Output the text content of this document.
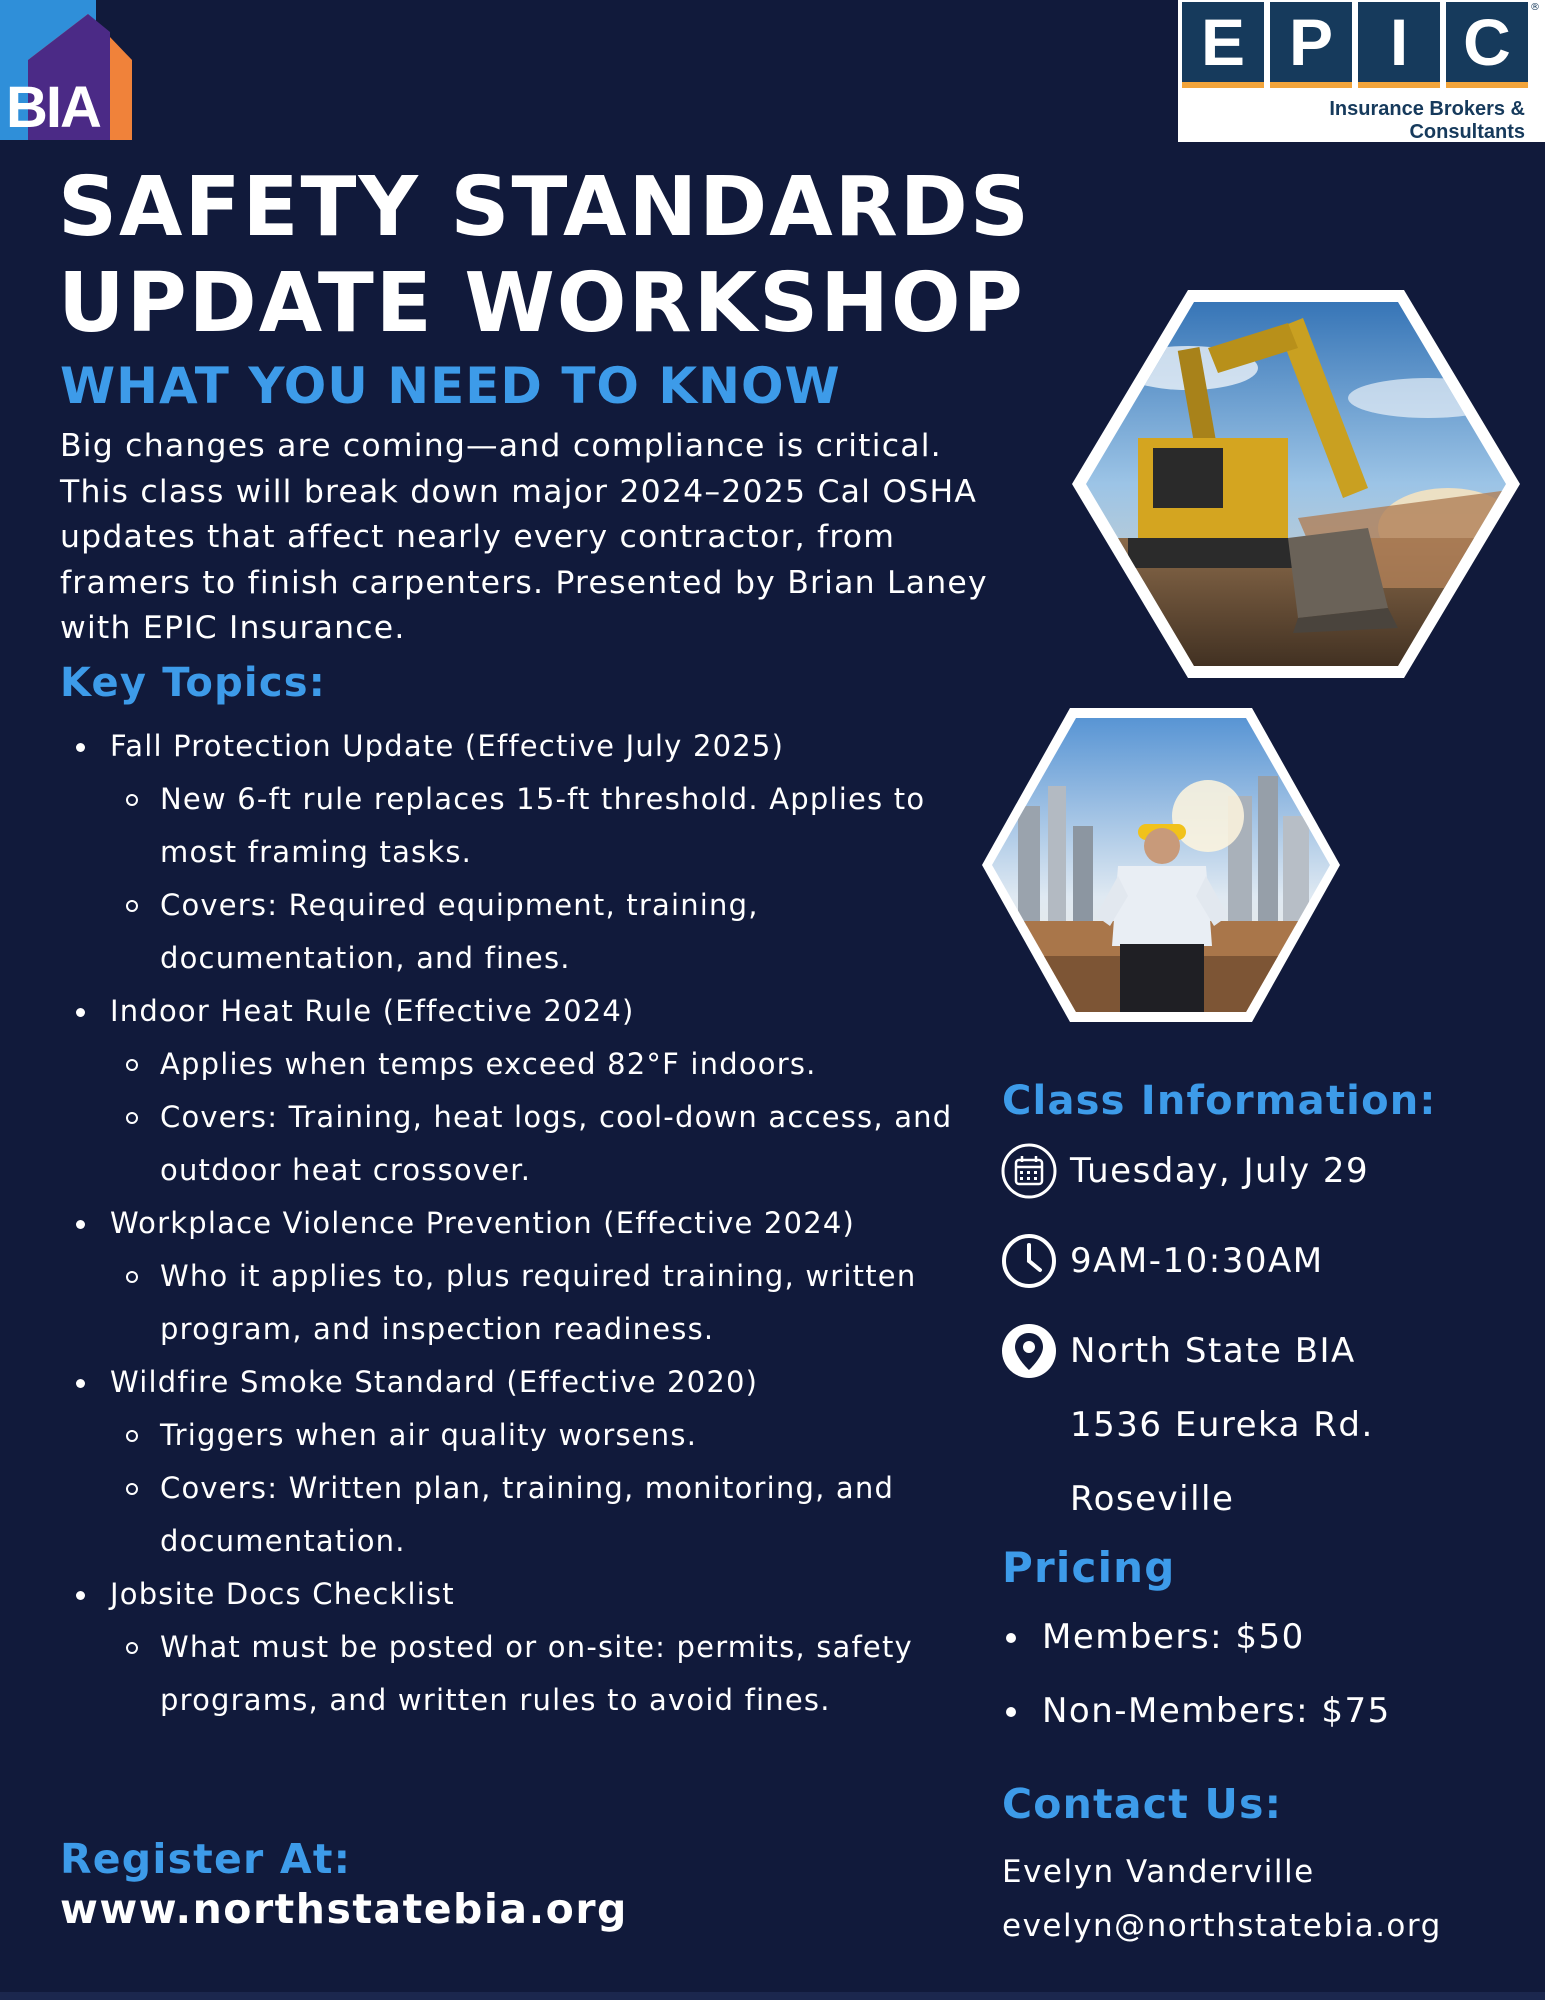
BIA
E P I C	®
Insurance Brokers &
Consultants
SAFETY STANDARDS
UPDATE WORKSHOP
WHAT YOU NEED TO KNOW

Big changes are coming—and compliance is critical. This class will break down major 2024–2025 Cal OSHA updates that affect nearly every contractor, from framers to finish carpenters. Presented by Brian Laney with EPIC Insurance.

Key Topics:
Fall Protection Update (Effective July 2025)
New 6-ft rule replaces 15-ft threshold. Applies to most framing tasks.
Covers: Required equipment, training, documentation, and fines.
Indoor Heat Rule (Effective 2024)
Applies when temps exceed 82°F indoors.
Covers: Training, heat logs, cool-down access, and outdoor heat crossover.
Workplace Violence Prevention (Effective 2024)
Who it applies to, plus required training, written program, and inspection readiness.
Wildfire Smoke Standard (Effective 2020)
Triggers when air quality worsens.
Covers: Written plan, training, monitoring, and documentation.
Jobsite Docs Checklist
What must be posted or on-site: permits, safety programs, and written rules to avoid fines.
Register At:

www.northstatebia.org

Class Information:
Tuesday, July 29
9AM-10:30AM
North State BIA
1536 Eureka Rd.
Roseville
Pricing
Members: $50
Non-Members: $75
Contact Us:

Evelyn Vanderville

evelyn@northstatebia.org
